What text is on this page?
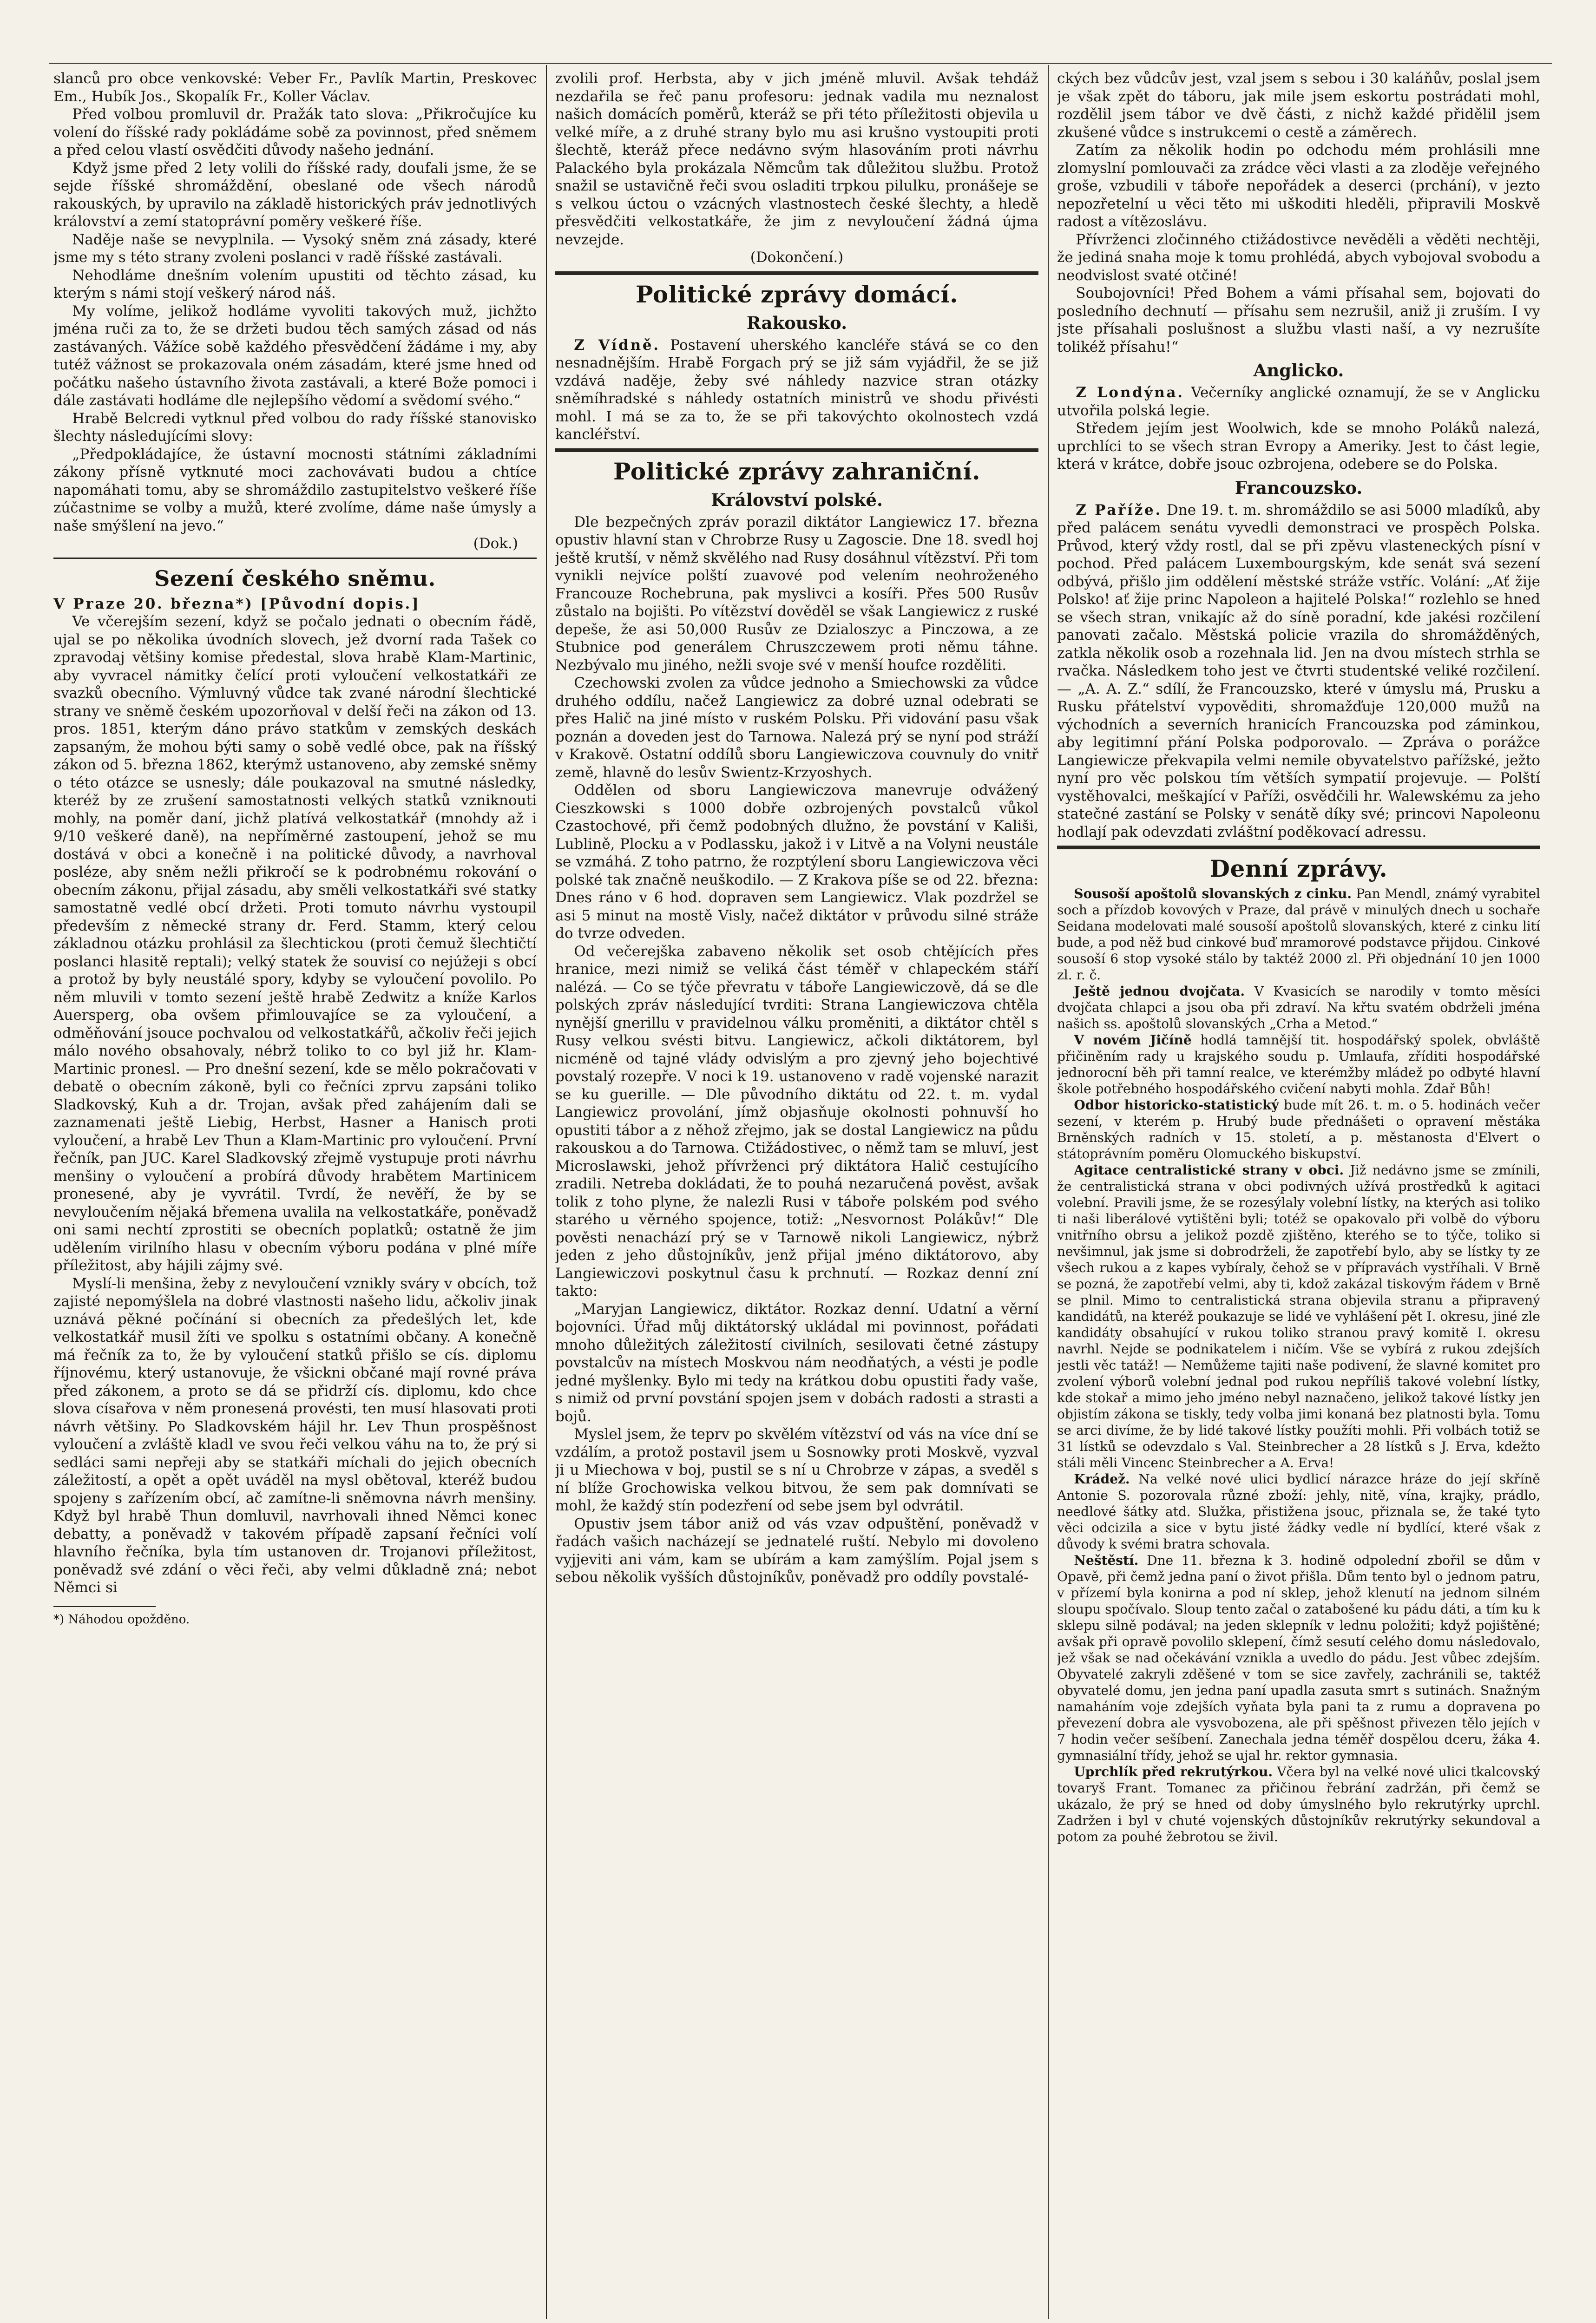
slanců pro obce venkovské: Veber Fr., Pavlík Martin, Preskovec Em., Hubík Jos., Skopalík Fr., Koller Václav.

Před volbou promluvil dr. Pražák tato slova: „Přikročujíce ku volení do říšské rady pokládáme sobě za povinnost, před sněmem a před celou vlastí osvědčiti důvody našeho jednání.

Když jsme před 2 lety volili do říšské rady, doufali jsme, že se sejde říšské shromáždění, obeslané ode všech národů rakouských, by upravilo na základě historických práv jednotlivých království a zemí statoprávní poměry veškeré říše.

Naděje naše se nevyplnila. — Vysoký sněm zná zásady, které jsme my s této strany zvoleni poslanci v radě říšské zastávali.

Nehodláme dnešním volením upustiti od těchto zásad, ku kterým s námi stojí veškerý národ náš.

My volíme, jelikož hodláme vyvoliti takových muž, jichžto jména ruči za to, že se držeti budou těch samých zásad od nás zastávaných. Vážíce sobě každého přesvědčení žádáme i my, aby tutéž vážnost se prokazovala oném zásadám, které jsme hned od počátku našeho ústavního života zastávali, a které Bože pomoci i dále zastávati hodláme dle nejlepšího vědomí a svědomí svého.“

Hrabě Belcredi vytknul před volbou do rady říšské stanovisko šlechty následujícími slovy:

„Předpokládajíce, že ústavní mocnosti státními základními zákony přísně vytknuté moci zachovávati budou a chtíce napomáhati tomu, aby se shromáždilo zastupitelstvo veškeré říše zúčastnime se volby a mužů, které zvolíme, dáme naše úmysly a naše smýšlení na jevo.“

(Dok.)

Sezení českého sněmu.

V Praze 20. března*) [Původní dopis.]

Ve včerejším sezení, když se počalo jednati o obecním řádě, ujal se po několika úvodních slovech, jež dvorní rada Tašek co zpravodaj většiny komise předestal, slova hrabě Klam-Martinic, aby vyvracel námitky čelící proti vyloučení velkostatkáři ze svazků obecního. Výmluvný vůdce tak zvané národní šlechtické strany ve sněmě českém upozorňoval v delší řeči na zákon od 13. pros. 1851, kterým dáno právo statkům v zemských deskách zapsaným, že mohou býti samy o sobě vedlé obce, pak na říšský zákon od 5. března 1862, kterýmž ustanoveno, aby zemské sněmy o této otázce se usnesly; dále poukazoval na smutné následky, kteréž by ze zrušení samostatnosti velkých statků vzniknouti mohly, na poměr daní, jichž platívá velkostatkář (mnohdy až i 9/10 veškeré daně), na nepříměrné zastoupení, jehož se mu dostává v obci a konečně i na politické důvody, a navrhoval posléze, aby sněm nežli přikročí se k podrobnému rokování o obecním zákonu, přijal zásadu, aby směli velkostatkáři své statky samostatně vedlé obcí držeti. Proti tomuto návrhu vystoupil především z německé strany dr. Ferd. Stamm, který celou základnou otázku prohlásil za šlechtickou (proti čemuž šlechtičtí poslanci hlasitě reptali); velký statek že souvisí co nejúžeji s obcí a protož by byly neustálé spory, kdyby se vyloučení povolilo. Po něm mluvili v tomto sezení ještě hrabě Zedwitz a kníže Karlos Auersperg, oba ovšem přimlouvajíce se za vyloučení, a odměňování jsouce pochvalou od velkostatkářů, ačkoliv řeči jejich málo nového obsahovaly, nébrž toliko to co byl již hr. Klam-Martinic pronesl. — Pro dnešní sezení, kde se mělo pokračovati v debatě o obecním zákoně, byli co řečníci zprvu zapsáni toliko Sladkovský, Kuh a dr. Trojan, avšak před zahájením dali se zaznamenati ještě Liebig, Herbst, Hasner a Hanisch proti vyloučení, a hrabě Lev Thun a Klam-Martinic pro vyloučení. První řečník, pan JUC. Karel Sladkovský zřejmě vystupuje proti návrhu menšiny o vyloučení a probírá důvody hrabětem Martinicem pronesené, aby je vyvrátil. Tvrdí, že nevěří, že by se nevyloučením nějaká břemena uvalila na velkostatkáře, poněvadž oni sami nechtí zprostiti se obecních poplatků; ostatně že jim udělením virilního hlasu v obecním výboru podána v plné míře příležitost, aby hájili zájmy své.

Myslí-li menšina, žeby z nevyloučení vznikly sváry v obcích, tož zajisté nepomýšlela na dobré vlastnosti našeho lidu, ačkoliv jinak uznává pěkné počínání si obecních za předešlých let, kde velkostatkář musil žíti ve spolku s ostatními občany. A konečně má řečník za to, že by vyloučení statků přišlo se cís. diplomu říjnovému, který ustanovuje, že všickni občané mají rovné práva před zákonem, a proto se dá se přidrží cís. diplomu, kdo chce slova císařova v něm pronesená provésti, ten musí hlasovati proti návrh většiny. Po Sladkovském hájil hr. Lev Thun prospěšnost vyloučení a zvláště kladl ve svou řeči velkou váhu na to, že prý si sedláci sami nepřeji aby se statkáři míchali do jejich obecních záležitostí, a opět a opět uváděl na mysl obětoval, kteréž budou spojeny s zařízením obcí, ač zamítne-li sněmovna návrh menšiny. Když byl hrabě Thun domluvil, navrhovali ihned Němci konec debatty, a poněvadž v takovém případě zapsaní řečníci volí hlavního řečníka, byla tím ustanoven dr. Trojanovi příležitost, poněvadž své zdání o věci řeči, aby velmi důkladně zná; nebot Němci si

*) Náhodou opožděno.

zvolili prof. Herbsta, aby v jich jméně mluvil. Avšak tehdáž nezdařila se řeč panu profesoru: jednak vadila mu neznalost našich domácích poměrů, kteráž se při této příležitosti objevila u velké míře, a z druhé strany bylo mu asi krušno vystoupiti proti šlechtě, kteráž přece nedávno svým hlasováním proti návrhu Palackého byla prokázala Němcům tak důležitou službu. Protož snažil se ustavičně řeči svou osladiti trpkou pilulku, pronášeje se s velkou úctou o vzácných vlastnostech české šlechty, a hledě přesvědčiti velkostatkáře, že jim z nevyloučení žádná újma nevzejde.

(Dokončení.)

Politické zprávy domácí.
Rakousko.

Z Vídně. Postavení uherského kancléře stává se co den nesnadnějším. Hrabě Forgach prý se již sám vyjádřil, že se již vzdává naděje, žeby své náhledy nazvice stran otázky sněmíhradské s náhledy ostatních ministrů ve shodu přivésti mohl. I má se za to, že se při takovýchto okolnostech vzdá kancléřství.

Politické zprávy zahraniční.
Království polské.

Dle bezpečných zpráv porazil diktátor Langiewicz 17. března opustiv hlavní stan v Chrobrze Rusy u Zagoscie. Dne 18. svedl hoj ještě krutší, v němž skvělého nad Rusy dosáhnul vítězství. Při tom vynikli nejvíce polští zuavové pod velením neohroženého Francouze Rochebruna, pak myslivci a kosíři. Přes 500 Rusův zůstalo na bojišti. Po vítězství dověděl se však Langiewicz z ruské depeše, že asi 50,000 Rusův ze Dzialoszyc a Pinczowa, a ze Stubnice pod generálem Chruszczewem proti němu táhne. Nezbývalo mu jiného, nežli svoje své v menší houfce rozděliti.

Czechowski zvolen za vůdce jednoho a Smiechowski za vůdce druhého oddílu, načež Langiewicz za dobré uznal odebrati se přes Halič na jiné místo v ruském Polsku. Při vidování pasu však poznán a doveden jest do Tarnowa. Nalezá prý se nyní pod stráží v Krakově. Ostatní oddílů sboru Langiewiczova couvnuly do vnitř země, hlavně do lesův Swientz-Krzyoshych.

Oddělen od sboru Langiewiczova manevruje odvážený Cieszkowski s 1000 dobře ozbrojených povstalců vůkol Czastochové, při čemž podobných dlužno, že povstání v Kališi, Lublině, Plocku a v Podlassku, jakož i v Litvě a na Volyni neustále se vzmáhá. Z toho patrno, že rozptýlení sboru Langiewiczova věci polské tak značně neuškodilo. — Z Krakova píše se od 22. března: Dnes ráno v 6 hod. dopraven sem Langiewicz. Vlak pozdržel se asi 5 minut na mostě Visly, načež diktátor v průvodu silné stráže do tvrze odveden.

Od večerejška zabaveno několik set osob chtějících přes hranice, mezi nimiž se veliká část téměř v chlapeckém stáří nalézá. — Co se týče převratu v táboře Langiewiczově, dá se dle polských zpráv následující tvrditi: Strana Langiewiczova chtěla nynější gnerillu v pravidelnou válku proměniti, a diktátor chtěl s Rusy velkou svésti bitvu. Langiewicz, ačkoli diktátorem, byl nicméně od tajné vlády odvislým a pro zjevný jeho bojechtivé povstalý rozepře. V noci k 19. ustanoveno v radě vojenské narazit se ku guerille. — Dle původního diktátu od 22. t. m. vydal Langiewicz provolání, jímž objasňuje okolnosti pohnuvší ho opustiti tábor a z něhož zřejmo, jak se dostal Langiewicz na půdu rakouskou a do Tarnowa. Ctižádostivec, o němž tam se mluví, jest Microslawski, jehož přívrženci prý diktátora Halič cestujícího zradili. Netreba dokládati, že to pouhá nezaručená pověst, avšak tolik z toho plyne, že nalezli Rusi v táboře polském pod svého starého u věrného spojence, totiž: „Nesvornost Polákův!“ Dle pověsti nenachází prý se v Tarnowě nikoli Langiewicz, nýbrž jeden z jeho důstojníkův, jenž přijal jméno diktátorovo, aby Langiewiczovi poskytnul času k prchnutí. — Rozkaz denní zní takto:

„Maryjan Langiewicz, diktátor. Rozkaz denní. Udatní a věrní bojovníci. Úřad můj diktátorský ukládal mi povinnost, pořádati mnoho důležitých záležitostí civilních, sesilovati četné zástupy povstalcův na místech Moskvou nám neodňatých, a vésti je podle jedné myšlenky. Bylo mi tedy na krátkou dobu opustiti řady vaše, s nimiž od první povstání spojen jsem v dobách radosti a strasti a bojů.

Myslel jsem, že teprv po skvělém vítězství od vás na více dní se vzdálím, a protož postavil jsem u Sosnowky proti Moskvě, vyzval ji u Miechowa v boj, pustil se s ní u Chrobrze v zápas, a sveděl s ní blíže Grochowiska velkou bitvou, že sem pak domnívati se mohl, že každý stín podezření od sebe jsem byl odvrátil.

Opustiv jsem tábor aniž od vás vzav odpuštění, poněvadž v řadách vašich nacházejí se jednatelé ruští. Nebylo mi dovoleno vyjjeviti ani vám, kam se ubírám a kam zamýšlím. Pojal jsem s sebou několik vyšších důstojníkův, poněvadž pro oddíly povstalé-

ckých bez vůdcův jest, vzal jsem s sebou i 30 kaláňův, poslal jsem je však zpět do táboru, jak mile jsem eskortu postrádati mohl, rozdělil jsem tábor ve dvě části, z nichž každé přidělil jsem zkušené vůdce s instrukcemi o cestě a záměrech.

Zatím za několik hodin po odchodu mém prohlásili mne zlomyslní pomlouvači za zrádce věci vlasti a za zloděje veřejného groše, vzbudili v táboře nepořádek a deserci (prchání), v jezto nepozřetelní u věci těto mi uškoditi hleděli, připravili Moskvě radost a vítězoslávu.

Přívrženci zločinného ctižádostivce nevěděli a věděti nechtěji, že jediná snaha moje k tomu prohlédá, abych vybojoval svobodu a neodvislost svaté otčiné!

Soubojovníci! Před Bohem a vámi přísahal sem, bojovati do posledního dechnutí — přísahu sem nezrušil, aniž ji zruším. I vy jste přísahali poslušnost a službu vlasti naší, a vy nezrušíte tolikéž přísahu!“

Anglicko.

Z Londýna. Večerníky anglické oznamují, že se v Anglicku utvořila polská legie.

Středem jejím jest Woolwich, kde se mnoho Poláků nalezá, uprchlíci to se všech stran Evropy a Ameriky. Jest to část legie, která v krátce, dobře jsouc ozbrojena, odebere se do Polska.

Francouzsko.

Z Paříže. Dne 19. t. m. shromáždilo se asi 5000 mladíků, aby před palácem senátu vyvedli demonstraci ve prospěch Polska. Průvod, který vždy rostl, dal se při zpěvu vlasteneckých písní v pochod. Před palácem Luxembourgským, kde senát svá sezení odbývá, přišlo jim oddělení městské stráže vstříc. Volání: „Ať žije Polsko! ať žije princ Napoleon a hajitelé Polska!“ rozlehlo se hned se všech stran, vnikajíc až do síně poradní, kde jakési rozčilení panovati začalo. Městská policie vrazila do shromážděných, zatkla několik osob a rozehnala lid. Jen na dvou místech strhla se rvačka. Následkem toho jest ve čtvrti studentské veliké rozčilení. — „A. A. Z.“ sdílí, že Francouzsko, které v úmyslu má, Prusku a Rusku přátelství vypověditi, shromažďuje 120,000 mužů na východních a severních hranicích Francouzska pod záminkou, aby legitimní přání Polska podporovalo. — Zpráva o porážce Langiewicze překvapila velmi nemile obyvatelstvo pařížské, ježto nyní pro věc polskou tím větších sympatií projevuje. — Polští vystěhovalci, meškající v Paříži, osvědčili hr. Walewskému za jeho statečné zastání se Polsky v senátě díky své; princovi Napoleonu hodlají pak odevzdati zvláštní poděkovací adressu.

Denní zprávy.

Sousoší apoštolů slovanských z cinku. Pan Mendl, známý vyrabitel soch a přízdob kovových v Praze, dal právě v minulých dnech u sochaře Seidana modelovati malé sousoší apoštolů slovanských, které z cinku lití bude, a pod něž bud cinkové buď mramorové podstavce přijdou. Cinkové sousoší 6 stop vysoké stálo by taktéž 2000 zl. Při objednání 10 jen 1000 zl. r. č.

Ještě jednou dvojčata. V Kvasicích se narodily v tomto měsíci dvojčata chlapci a jsou oba při zdraví. Na křtu svatém obdrželi jména našich ss. apoštolů slovanských „Crha a Metod.“

V novém Jičíně hodlá tamnější tit. hospodářský spolek, obvláště přičiněním rady u krajského soudu p. Umlaufa, zříditi hospodářské jednorocní běh při tamní realce, ve kterémžby mládež po odbyté hlavní škole potřebného hospodářského cvičení nabyti mohla. Zdař Bůh!

Odbor historicko-statistický bude mít 26. t. m. o 5. hodinách večer sezení, v kterém p. Hrubý bude přednášeti o opravení městáka Brněnských radních v 15. století, a p. městanosta d'Elvert o státoprávním poměru Olomuckého biskupství.

Agitace centralistické strany v obci. Již nedávno jsme se zmínili, že centralistická strana v obci podivných užívá prostředků k agitaci volební. Pravili jsme, že se rozesýlaly volební lístky, na kterých asi toliko ti naši liberálové vytištěni byli; totéž se opakovalo při volbě do výboru vnitřního obrsu a jelikož pozdě zjištěno, kterého se to týče, toliko si nevšimnul, jak jsme si dobrodrželi, že zapotřebí bylo, aby se lístky ty ze všech rukou a z kapes vybíraly, čehož se v přípravách vystříhali. V Brně se pozná, že zapotřebí velmi, aby ti, kdož zakázal tiskovým řádem v Brně se plnil. Mimo to centralistická strana objevila stranu a připravený kandidátů, na kteréž poukazuje se lidé ve vyhlášení pět I. okresu, jiné zle kandidáty obsahující v rukou toliko stranou pravý komitě I. okresu navrhl. Nejde se podnikatelem i ničím. Vše se vybírá z rukou zdejších jestli věc tatáž! — Nemůžeme tajiti naše podivení, že slavné komitet pro zvolení výborů volební jednal pod rukou nepříliš takové volební lístky, kde stokař a mimo jeho jméno nebyl naznačeno, jelikož takové lístky jen objistím zákona se tiskly, tedy volba jimi konaná bez platnosti byla. Tomu se arci divíme, že by lidé takové lístky použíti mohli. Při volbách totiž se 31 lístků se odevzdalo s Val. Steinbrecher a 28 lístků s J. Erva, kdežto stáli měli Vincenc Steinbrecher a A. Erva!

Krádež. Na velké nové ulici bydlicí nárazce hráze do její skříně Antonie S. pozorovala různé zboží: jehly, nitě, vína, krajky, prádlo, needlové šátky atd. Služka, přistižena jsouc, přiznala se, že také tyto věci odcizila a sice v bytu jisté žádky vedle ní bydlící, které však z důvody k svémi bratra schovala.

Neštěstí. Dne 11. března k 3. hodině odpolední zbořil se dům v Opavě, při čemž jedna paní o život přišla. Dům tento byl o jednom patru, v přízemí byla konirna a pod ní sklep, jehož klenutí na jednom silném sloupu spočívalo. Sloup tento začal o zatabošené ku pádu dáti, a tím ku k sklepu silně podával; na jeden sklepník v lednu položiti; když pojištěné; avšak při opravě povolilo sklepení, čímž sesutí celého domu následovalo, jež však se nad očekávání vznikla a uvedlo do pádu. Jest vůbec zdejším. Obyvatelé zakryli zděšené v tom se sice zavřely, zachránili se, taktéž obyvatelé domu, jen jedna paní upadla zasuta smrt s sutinách. Snažným namaháním voje zdejších vyňata byla pani ta z rumu a dopravena po převezení dobra ale vysvobozena, ale při spěšnost přivezen tělo jejích v 7 hodin večer sešíbení. Zanechala jedna téměř dospělou dceru, žáka 4. gymnasiální třídy, jehož se ujal hr. rektor gymnasia.

Uprchlík před rekrutýrkou. Včera byl na velké nové ulici tkalcovský tovaryš Frant. Tomanec za přičinou řebrání zadržán, při čemž se ukázalo, že prý se hned od doby úmyslného bylo rekrutýrky uprchl. Zadržen i byl v chuté vojenských důstojníkův rekrutýrky sekundoval a potom za pouhé žebrotou se živil.
